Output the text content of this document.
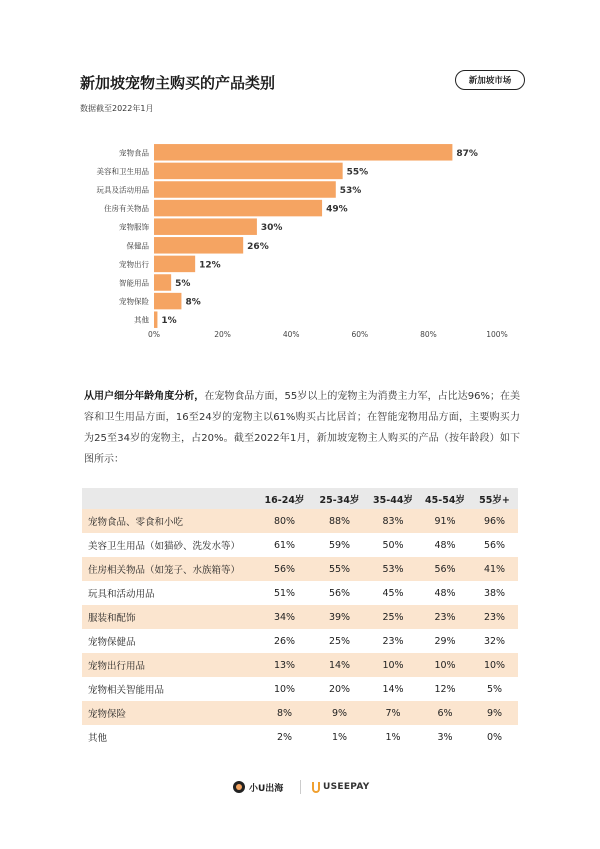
新加坡宠物主购买的产品类别
数据截至2022年1月
新加坡市场
宠物食品	87%
美容和卫生用品	55%
玩具及活动用品	53%
住房有关物品	49%
宠物服饰	30%
保健品	26%
宠物出行	12%
智能用品	5%
宠物保险	8%
其他 1%
0%	20%	40%	60%	80%	100%
从用户细分年龄角度分析，在宠物食品方面，55岁以上的宠物主为消费主力军，占比达96%；在美容和卫生用品方面，16至24岁的宠物主以61%购买占比居首；在智能宠物用品方面，主要购买力为25至34岁的宠物主，占20%。截至2022年1月，新加坡宠物主人购买的产品（按年龄段）如下图所示：
	16-24岁	25-34岁	35-44岁	45-54岁	55岁+
宠物食品、零食和小吃	80%	88%	83%	91%	96%
美容卫生用品（如猫砂、洗发水等）	61%	59%	50%	48%	56%
住房相关物品（如笼子、水族箱等）	56%	55%	53%	56%	41%
玩具和活动用品	51%	56%	45%	48%	38%
服装和配饰	34%	39%	25%	23%	23%
宠物保健品	26%	25%	23%	29%	32%
宠物出行用品	13%	14%	10%	10%	10%
宠物相关智能用品	10%	20%	14%	12%	5%
宠物保险	8%	9%	7%	6%	9%
其他	2%	1%	1%	3%	0%
小U出海	USEEPAY
